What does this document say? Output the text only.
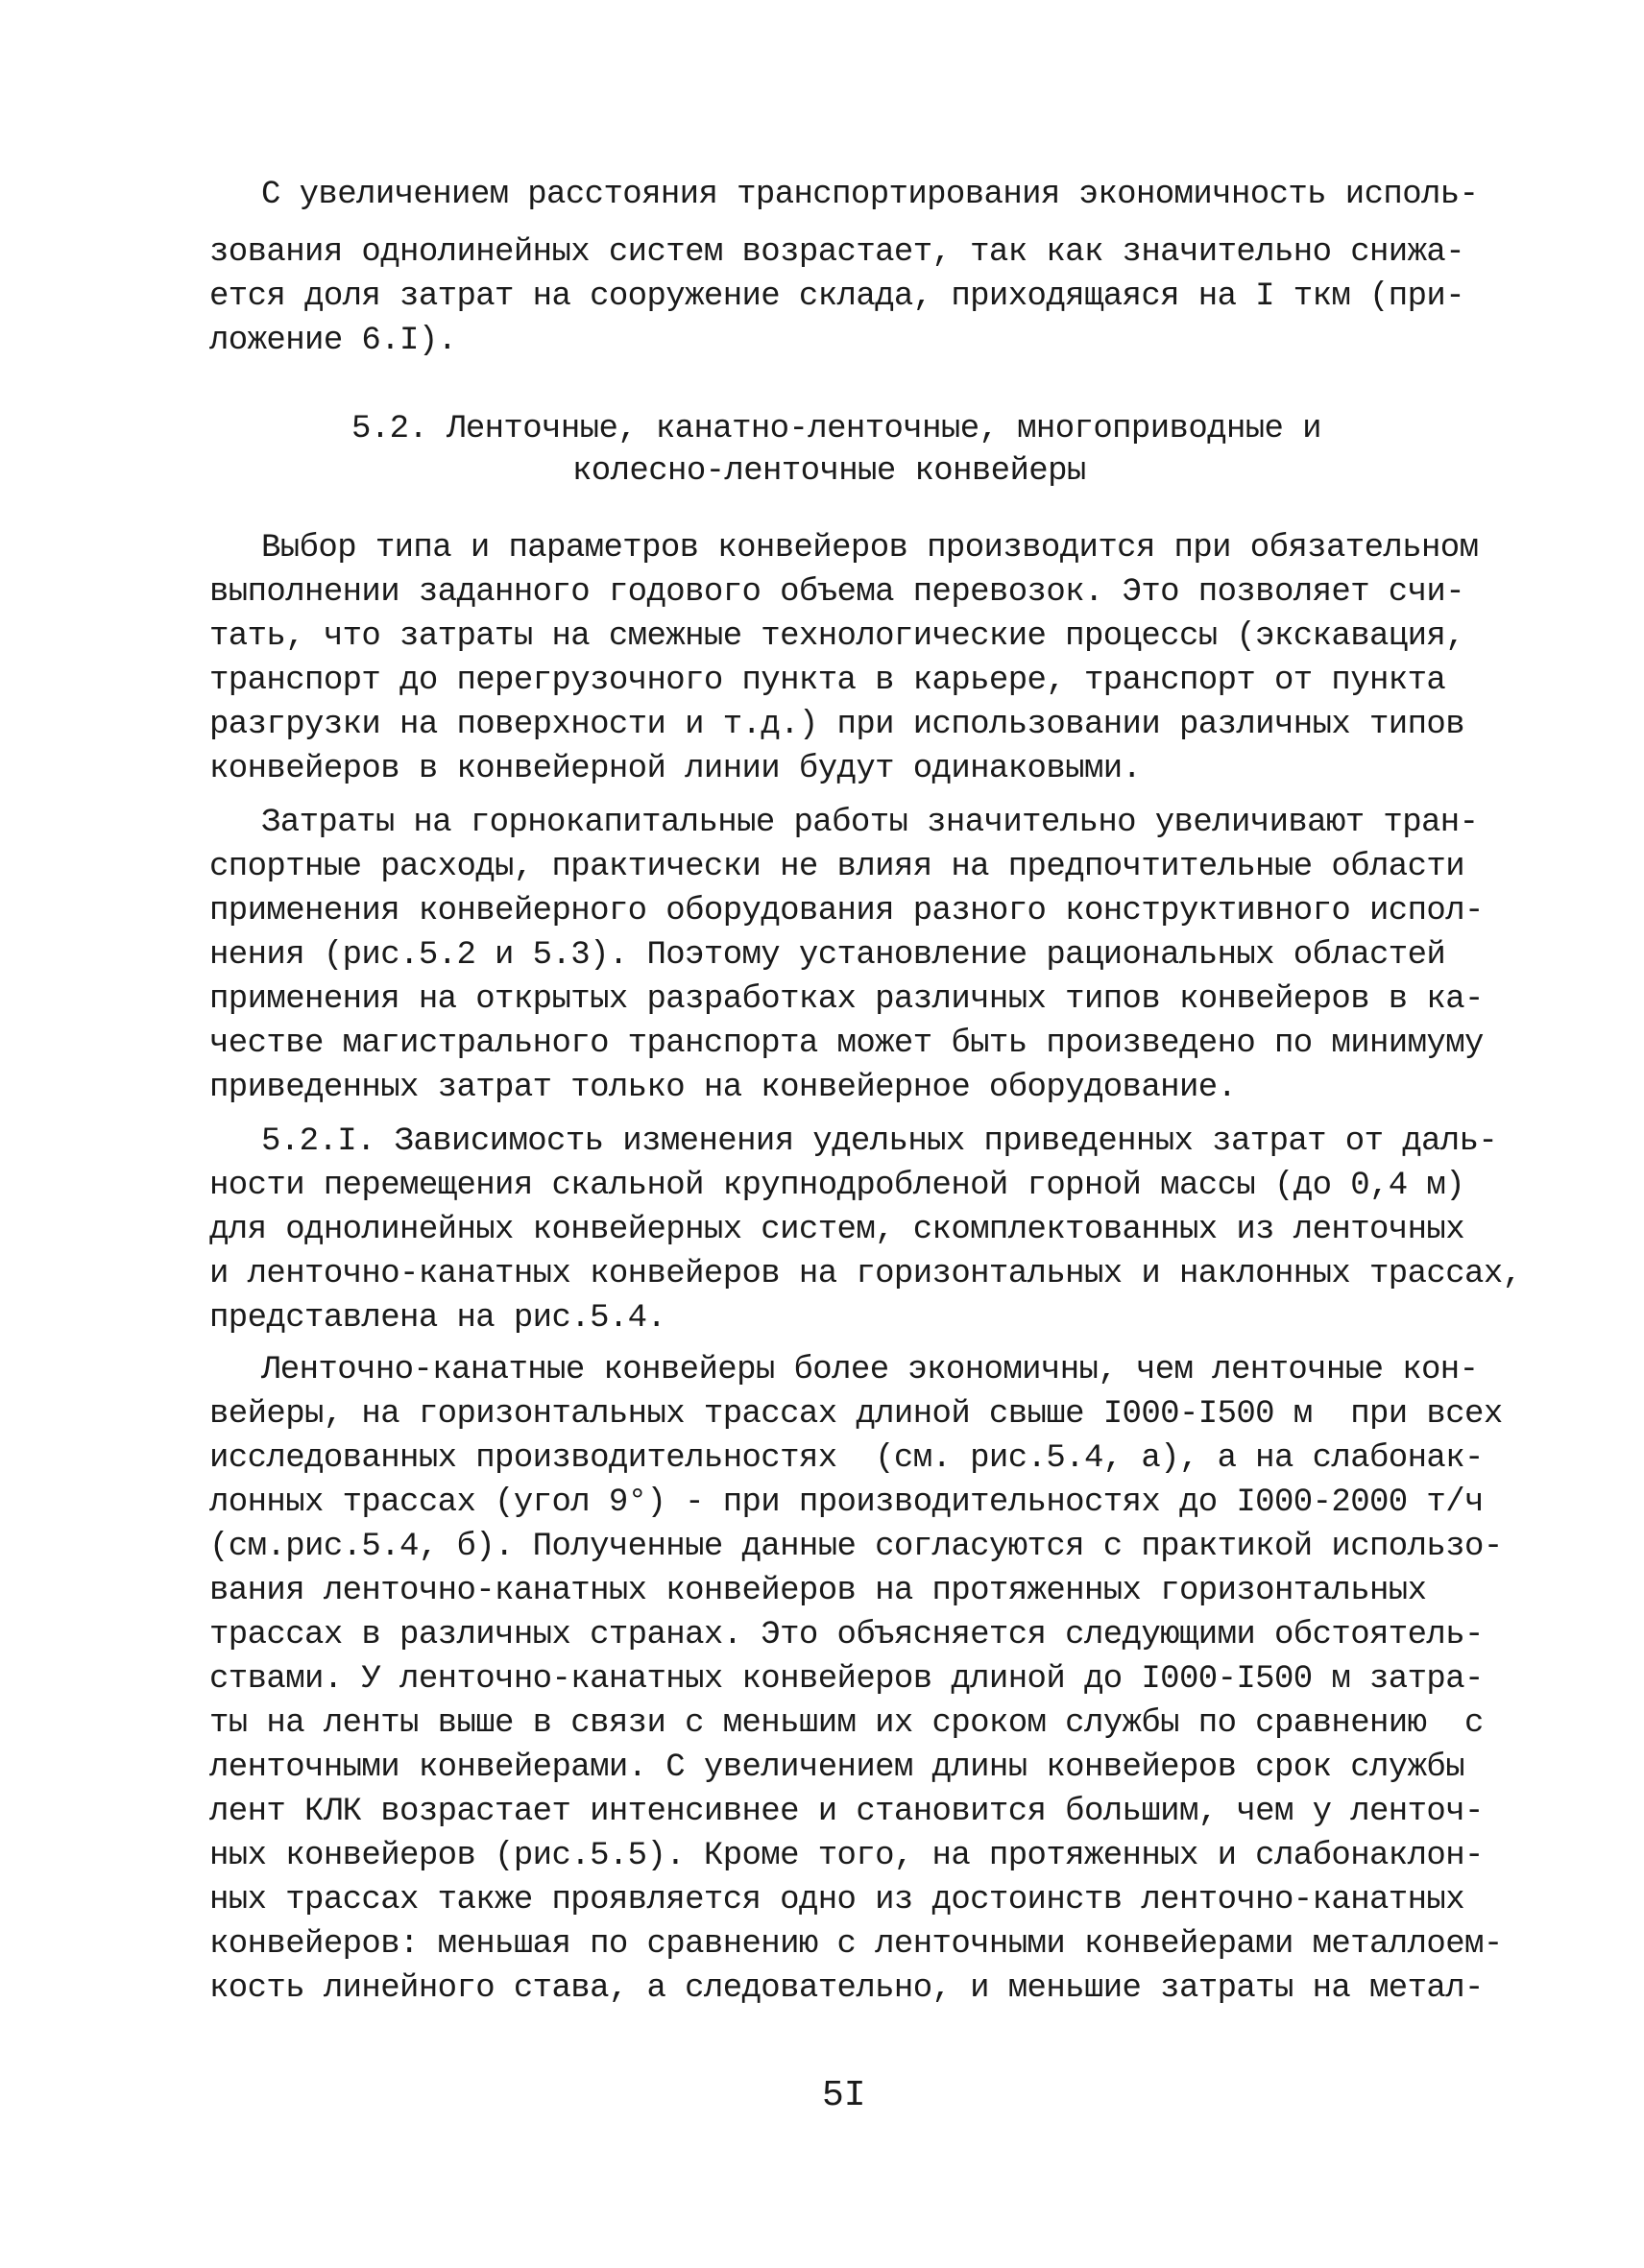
С увеличением расстояния транспортирования экономичность исполь-
зования однолинейных систем возрастает, так как значительно снижа-
ется доля затрат на сооружение склада, приходящаяся на I ткм (при-
ложение 6.I).
5.2. Ленточные, канатно-ленточные, многоприводные и
колесно-ленточные конвейеры
Выбор типа и параметров конвейеров производится при обязательном
выполнении заданного годового объема перевозок. Это позволяет счи-
тать, что затраты на смежные технологические процессы (экскавация,
транспорт до перегрузочного пункта в карьере, транспорт от пункта
разгрузки на поверхности и т.д.) при использовании различных типов
конвейеров в конвейерной линии будут одинаковыми.
Затраты на горнокапитальные работы значительно увеличивают тран-
спортные расходы, практически не влияя на предпочтительные области
применения конвейерного оборудования разного конструктивного испол-
нения (рис.5.2 и 5.3). Поэтому установление рациональных областей
применения на открытых разработках различных типов конвейеров в ка-
честве магистрального транспорта может быть произведено по минимуму
приведенных затрат только на конвейерное оборудование.
5.2.I. Зависимость изменения удельных приведенных затрат от даль-
ности перемещения скальной крупнодробленой горной массы (до 0,4 м)
для однолинейных конвейерных систем, скомплектованных из ленточных
и ленточно-канатных конвейеров на горизонтальных и наклонных трассах,
представлена на рис.5.4.
Ленточно-канатные конвейеры более экономичны, чем ленточные кон-
вейеры, на горизонтальных трассах длиной свыше I000-I500 м  при всех
исследованных производительностях  (см. рис.5.4, а), а на слабонак-
лонных трассах (угол 9°) - при производительностях до I000-2000 т/ч
(см.рис.5.4, б). Полученные данные согласуются с практикой использо-
вания ленточно-канатных конвейеров на протяженных горизонтальных
трассах в различных странах. Это объясняется следующими обстоятель-
ствами. У ленточно-канатных конвейеров длиной до I000-I500 м затра-
ты на ленты выше в связи с меньшим их сроком службы по сравнению  с
ленточными конвейерами. С увеличением длины конвейеров срок службы
лент КЛК возрастает интенсивнее и становится большим, чем у ленточ-
ных конвейеров (рис.5.5). Кроме того, на протяженных и слабонаклон-
ных трассах также проявляется одно из достоинств ленточно-канатных
конвейеров: меньшая по сравнению с ленточными конвейерами металлоем-
кость линейного става, а следовательно, и меньшие затраты на метал-
5I
